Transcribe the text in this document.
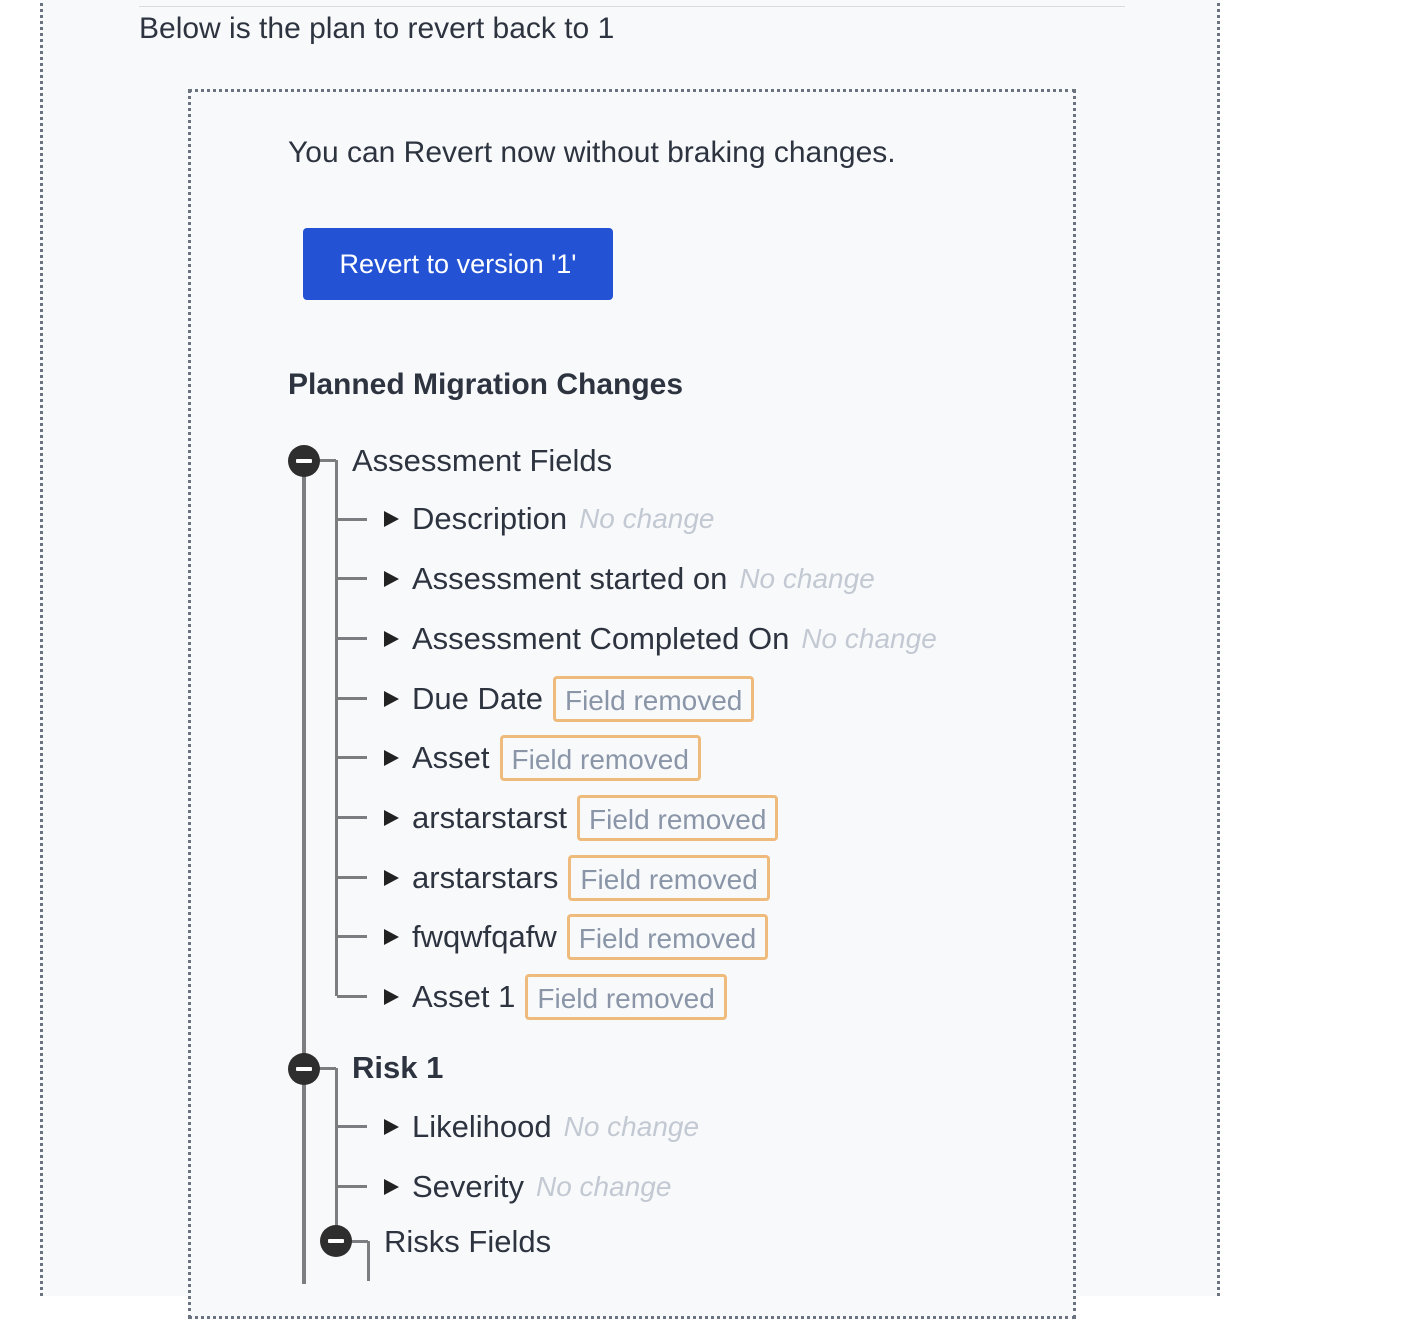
Below is the plan to revert back to 1
You can Revert now without braking changes.
Revert to version '1'
Planned Migration Changes
Assessment Fields
Description No change
Assessment started on No change
Assessment Completed On No change
Due Date Field removed
Asset Field removed
arstarstarst Field removed
arstarstars Field removed
fwqwfqafw Field removed
Asset 1 Field removed
Risk 1
Likelihood No change
Severity No change
Risks Fields
